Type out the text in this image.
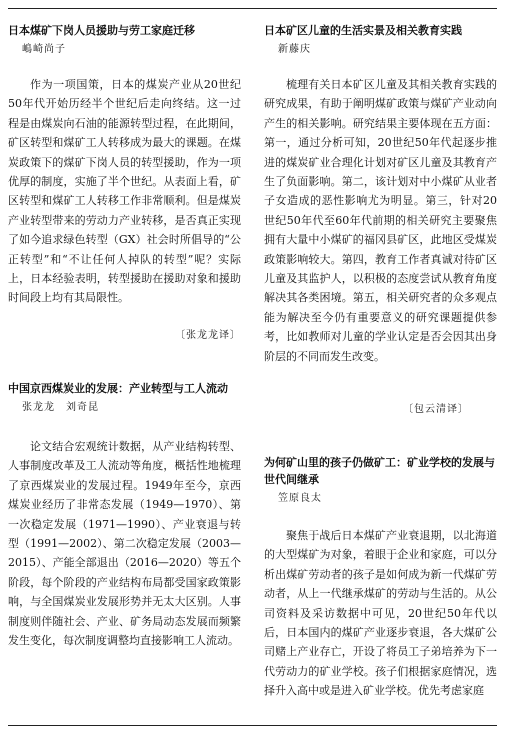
日本煤矿下岗人员援助与劳工家庭迁移

嶋崎尚子

作为一项国策，日本的煤炭产业从20世纪50年代开始历经半个世纪后走向终结。这一过程是由煤炭向石油的能源转型过程，在此期间，矿区转型和煤矿工人转移成为最大的课题。在煤炭政策下的煤矿下岗人员的转型援助，作为一项优厚的制度，实施了半个世纪。从表面上看，矿区转型和煤矿工人转移工作非常顺利。但是煤炭产业转型带来的劳动力产业转移，是否真正实现了如今追求绿色转型（GX）社会时所倡导的“公正转型”和“不让任何人掉队的转型”呢？实际上，日本经验表明，转型援助在援助对象和援助时间段上均有其局限性。

〔张龙龙译〕

中国京西煤炭业的发展：产业转型与工人流动

张龙龙　刘奇昆

论文结合宏观统计数据，从产业结构转型、人事制度改革及工人流动等角度，概括性地梳理了京西煤炭业的发展过程。1949年至今，京西煤炭业经历了非常态发展（1949—1970）、第一次稳定发展（1971—1990）、产业衰退与转型（1991—2002）、第二次稳定发展（2003—2015）、产能全部退出（2016—2020）等五个阶段，每个阶段的产业结构布局都受国家政策影响，与全国煤炭业发展形势并无太大区别。人事制度则伴随社会、产业、矿务局动态发展而频繁发生变化，每次制度调整均直接影响工人流动。

日本矿区儿童的生活实景及相关教育实践

新藤庆

梳理有关日本矿区儿童及其相关教育实践的研究成果，有助于阐明煤矿政策与煤矿产业动向产生的相关影响。研究结果主要体现在五方面：第一，通过分析可知，20世纪50年代起逐步推进的煤炭矿业合理化计划对矿区儿童及其教育产生了负面影响。第二，该计划对中小煤矿从业者子女造成的恶性影响尤为明显。第三，针对20世纪50年代至60年代前期的相关研究主要聚焦拥有大量中小煤矿的福冈县矿区，此地区受煤炭政策影响较大。第四，教育工作者真诚对待矿区儿童及其监护人，以积极的态度尝试从教育角度解决其各类困境。第五，相关研究者的众多观点能为解决至今仍有重要意义的研究课题提供参考，比如教师对儿童的学业认定是否会因其出身阶层的不同而发生改变。

〔包云清译〕

为何矿山里的孩子仍做矿工：矿业学校的发展与世代间继承

笠原良太

聚焦于战后日本煤矿产业衰退期，以北海道的大型煤矿为对象，着眼于企业和家庭，可以分析出煤矿劳动者的孩子是如何成为新一代煤矿劳动者，从上一代继承煤矿的劳动与生活的。从公司资料及采访数据中可见，20世纪50年代以后，日本国内的煤矿产业逐步衰退，各大煤矿公司赌上产业存亡，开设了将员工子弟培养为下一代劳动力的矿业学校。孩子们根据家庭情况，选择升入高中或是进入矿业学校。优先考虑家庭
